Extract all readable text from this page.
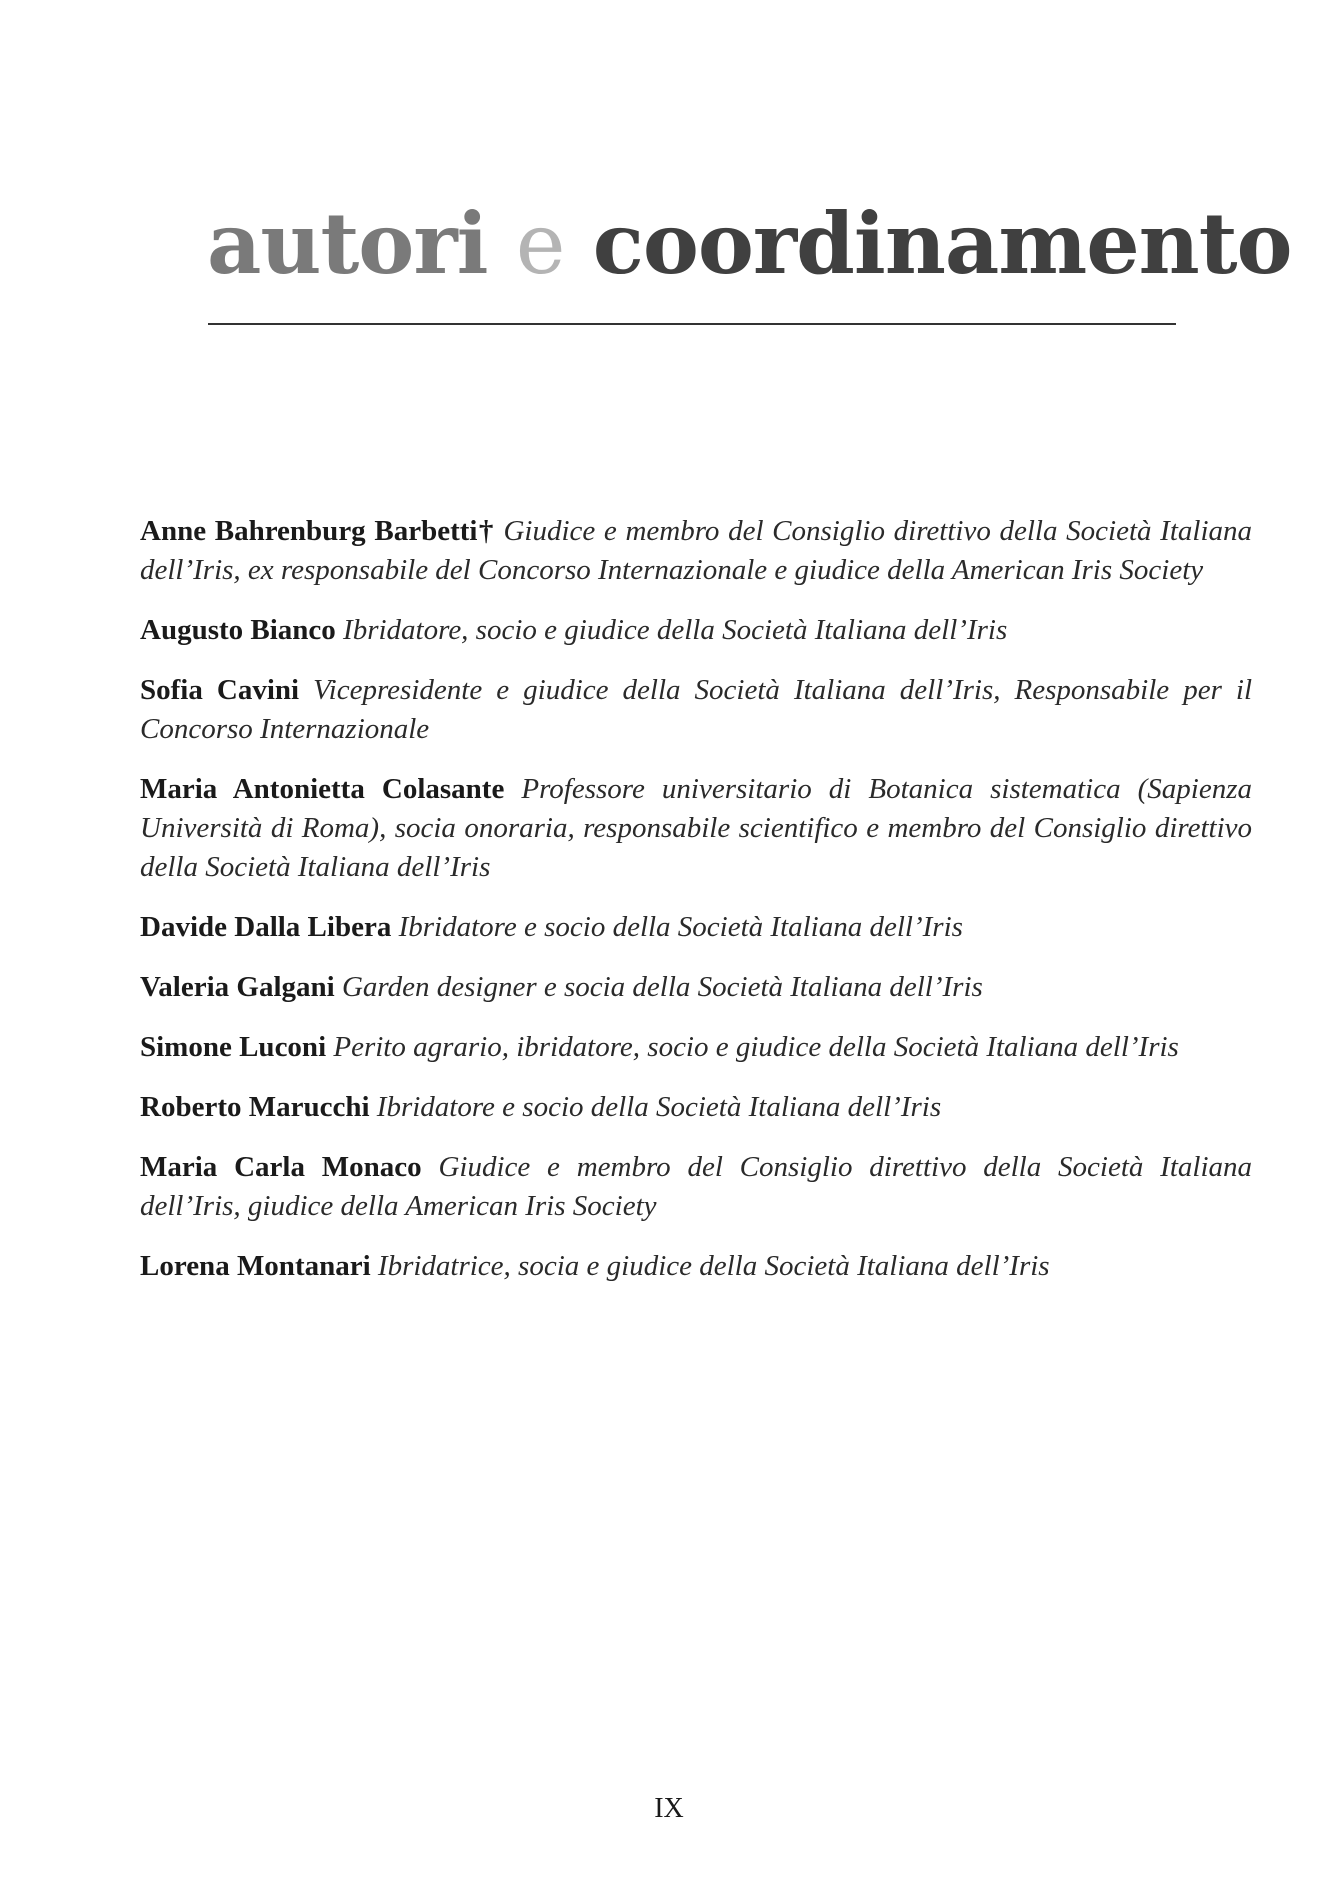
autori e coordinamento

Anne Bahrenburg Barbetti† Giudice e membro del Consiglio direttivo della Società Italiana dell’Iris, ex responsabile del Concorso Internazionale e giudice della American Iris Society

Augusto Bianco Ibridatore, socio e giudice della Società Italiana dell’Iris

Sofia Cavini Vicepresidente e giudice della Società Italiana dell’Iris, Responsabile per il Concorso Internazionale

Maria Antonietta Colasante Professore universitario di Botanica sistematica (Sapienza Università di Roma), socia onoraria, responsabile scientifico e membro del Consiglio direttivo della Società Italiana dell’Iris

Davide Dalla Libera Ibridatore e socio della Società Italiana dell’Iris

Valeria Galgani Garden designer e socia della Società Italiana dell’Iris

Simone Luconi Perito agrario, ibridatore, socio e giudice della Società Italiana dell’Iris

Roberto Marucchi Ibridatore e socio della Società Italiana dell’Iris

Maria Carla Monaco Giudice e membro del Consiglio direttivo della Società Italiana dell’Iris, giudice della American Iris Society

Lorena Montanari Ibridatrice, socia e giudice della Società Italiana dell’Iris

IX
